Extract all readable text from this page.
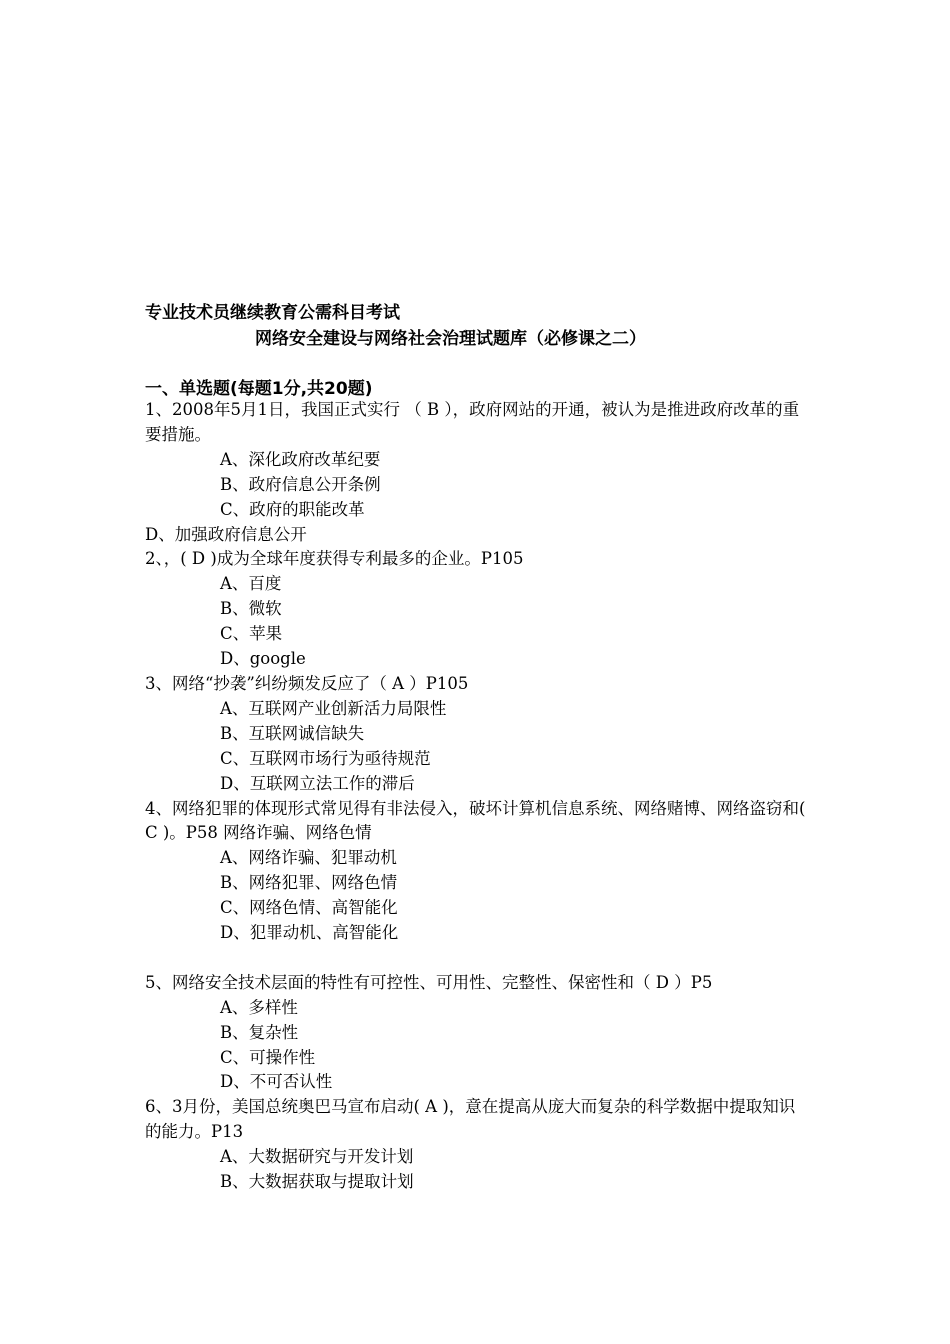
专业技术员继续教育公需科目考试
网络安全建设与网络社会治理试题库（必修课之二）
一、单选题(每题1分,共20题)

1、2008年5月1日，我国正式实行 （ B ），政府网站的开通，被认为是推进政府改革的重要措施。

A、深化政府改革纪要

B、政府信息公开条例

C、政府的职能改革

D、加强政府信息公开

2、，( D )成为全球年度获得专利最多的企业。P105

A、百度

B、微软

C、苹果

D、google

3、网络“抄袭”纠纷频发反应了（ A ）P105

A、互联网产业创新活力局限性

B、互联网诚信缺失

C、互联网市场行为亟待规范

D、互联网立法工作的滞后

4、网络犯罪的体现形式常见得有非法侵入，破坏计算机信息系统、网络赌博、网络盗窃和( C )。P58 网络诈骗、网络色情

A、网络诈骗、犯罪动机

B、网络犯罪、网络色情

C、网络色情、高智能化

D、犯罪动机、高智能化

5、网络安全技术层面的特性有可控性、可用性、完整性、保密性和（ D ）P5

A、多样性

B、复杂性

C、可操作性

D、不可否认性

6、3月份，美国总统奥巴马宣布启动( A )，意在提高从庞大而复杂的科学数据中提取知识的能力。P13

A、大数据研究与开发计划

B、大数据获取与提取计划
